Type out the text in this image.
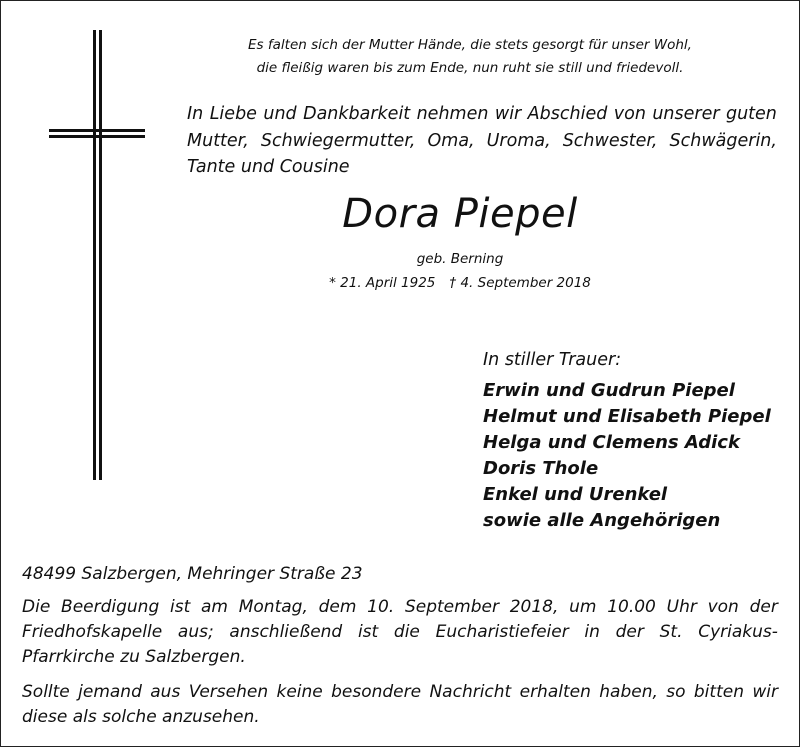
Es falten sich der Mutter Hände, die stets gesorgt für unser Wohl,
die fleißig waren bis zum Ende, nun ruht sie still und friedevoll.
In Liebe und Dankbarkeit nehmen wir Abschied von unserer guten
Mutter, Schwiegermutter, Oma, Uroma, Schwester, Schwägerin,
Tante und Cousine
Dora Piepel
geb. Berning
* 21. April 1925 † 4. September 2018
In stiller Trauer:
Erwin und Gudrun Piepel
Helmut und Elisabeth Piepel
Helga und Clemens Adick
Doris Thole
Enkel und Urenkel
sowie alle Angehörigen
48499 Salzbergen, Mehringer Straße 23
Die Beerdigung ist am Montag, dem 10. September 2018, um 10.00 Uhr von der
Friedhofskapelle aus; anschließend ist die Eucharistiefeier in der St. Cyriakus-
Pfarrkirche zu Salzbergen.
Sollte jemand aus Versehen keine besondere Nachricht erhalten haben, so bitten wir
diese als solche anzusehen.
